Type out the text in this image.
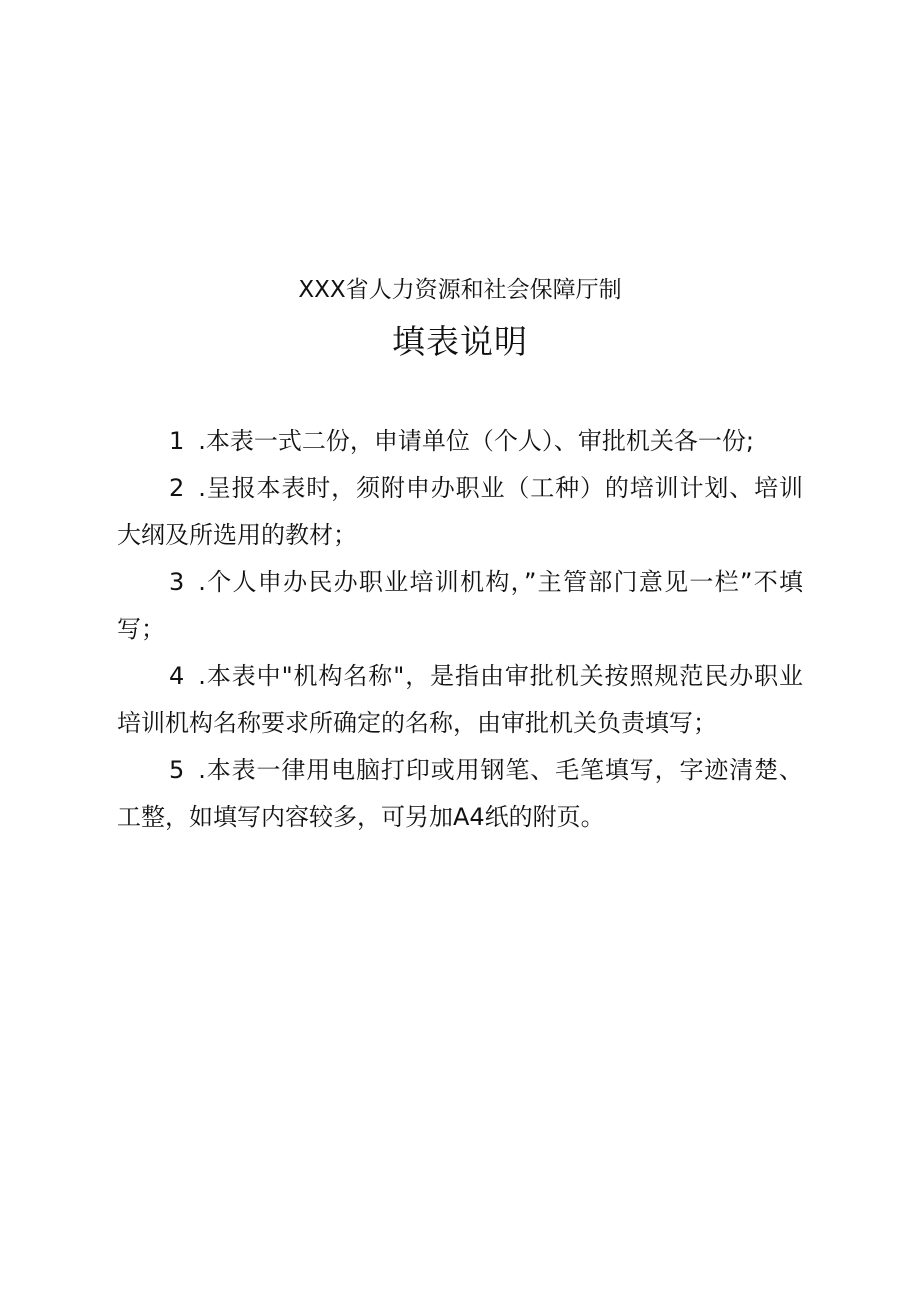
XXX省人力资源和社会保障厅制
填表说明

1 .本表一式二份，申请单位（个人）、审批机关各一份;

2 .呈报本表时，须附申办职业（工种）的培训计划、培训大纲及所选用的教材；

3 .个人申办民办职业培训机构，”主管部门意见一栏”不填写；

4 .本表中"机构名称"，是指由审批机关按照规范民办职业培训机构名称要求所确定的名称，由审批机关负责填写；

5 .本表一律用电脑打印或用钢笔、毛笔填写，字迹清楚、工整，如填写内容较多，可另加A4纸的附页。
